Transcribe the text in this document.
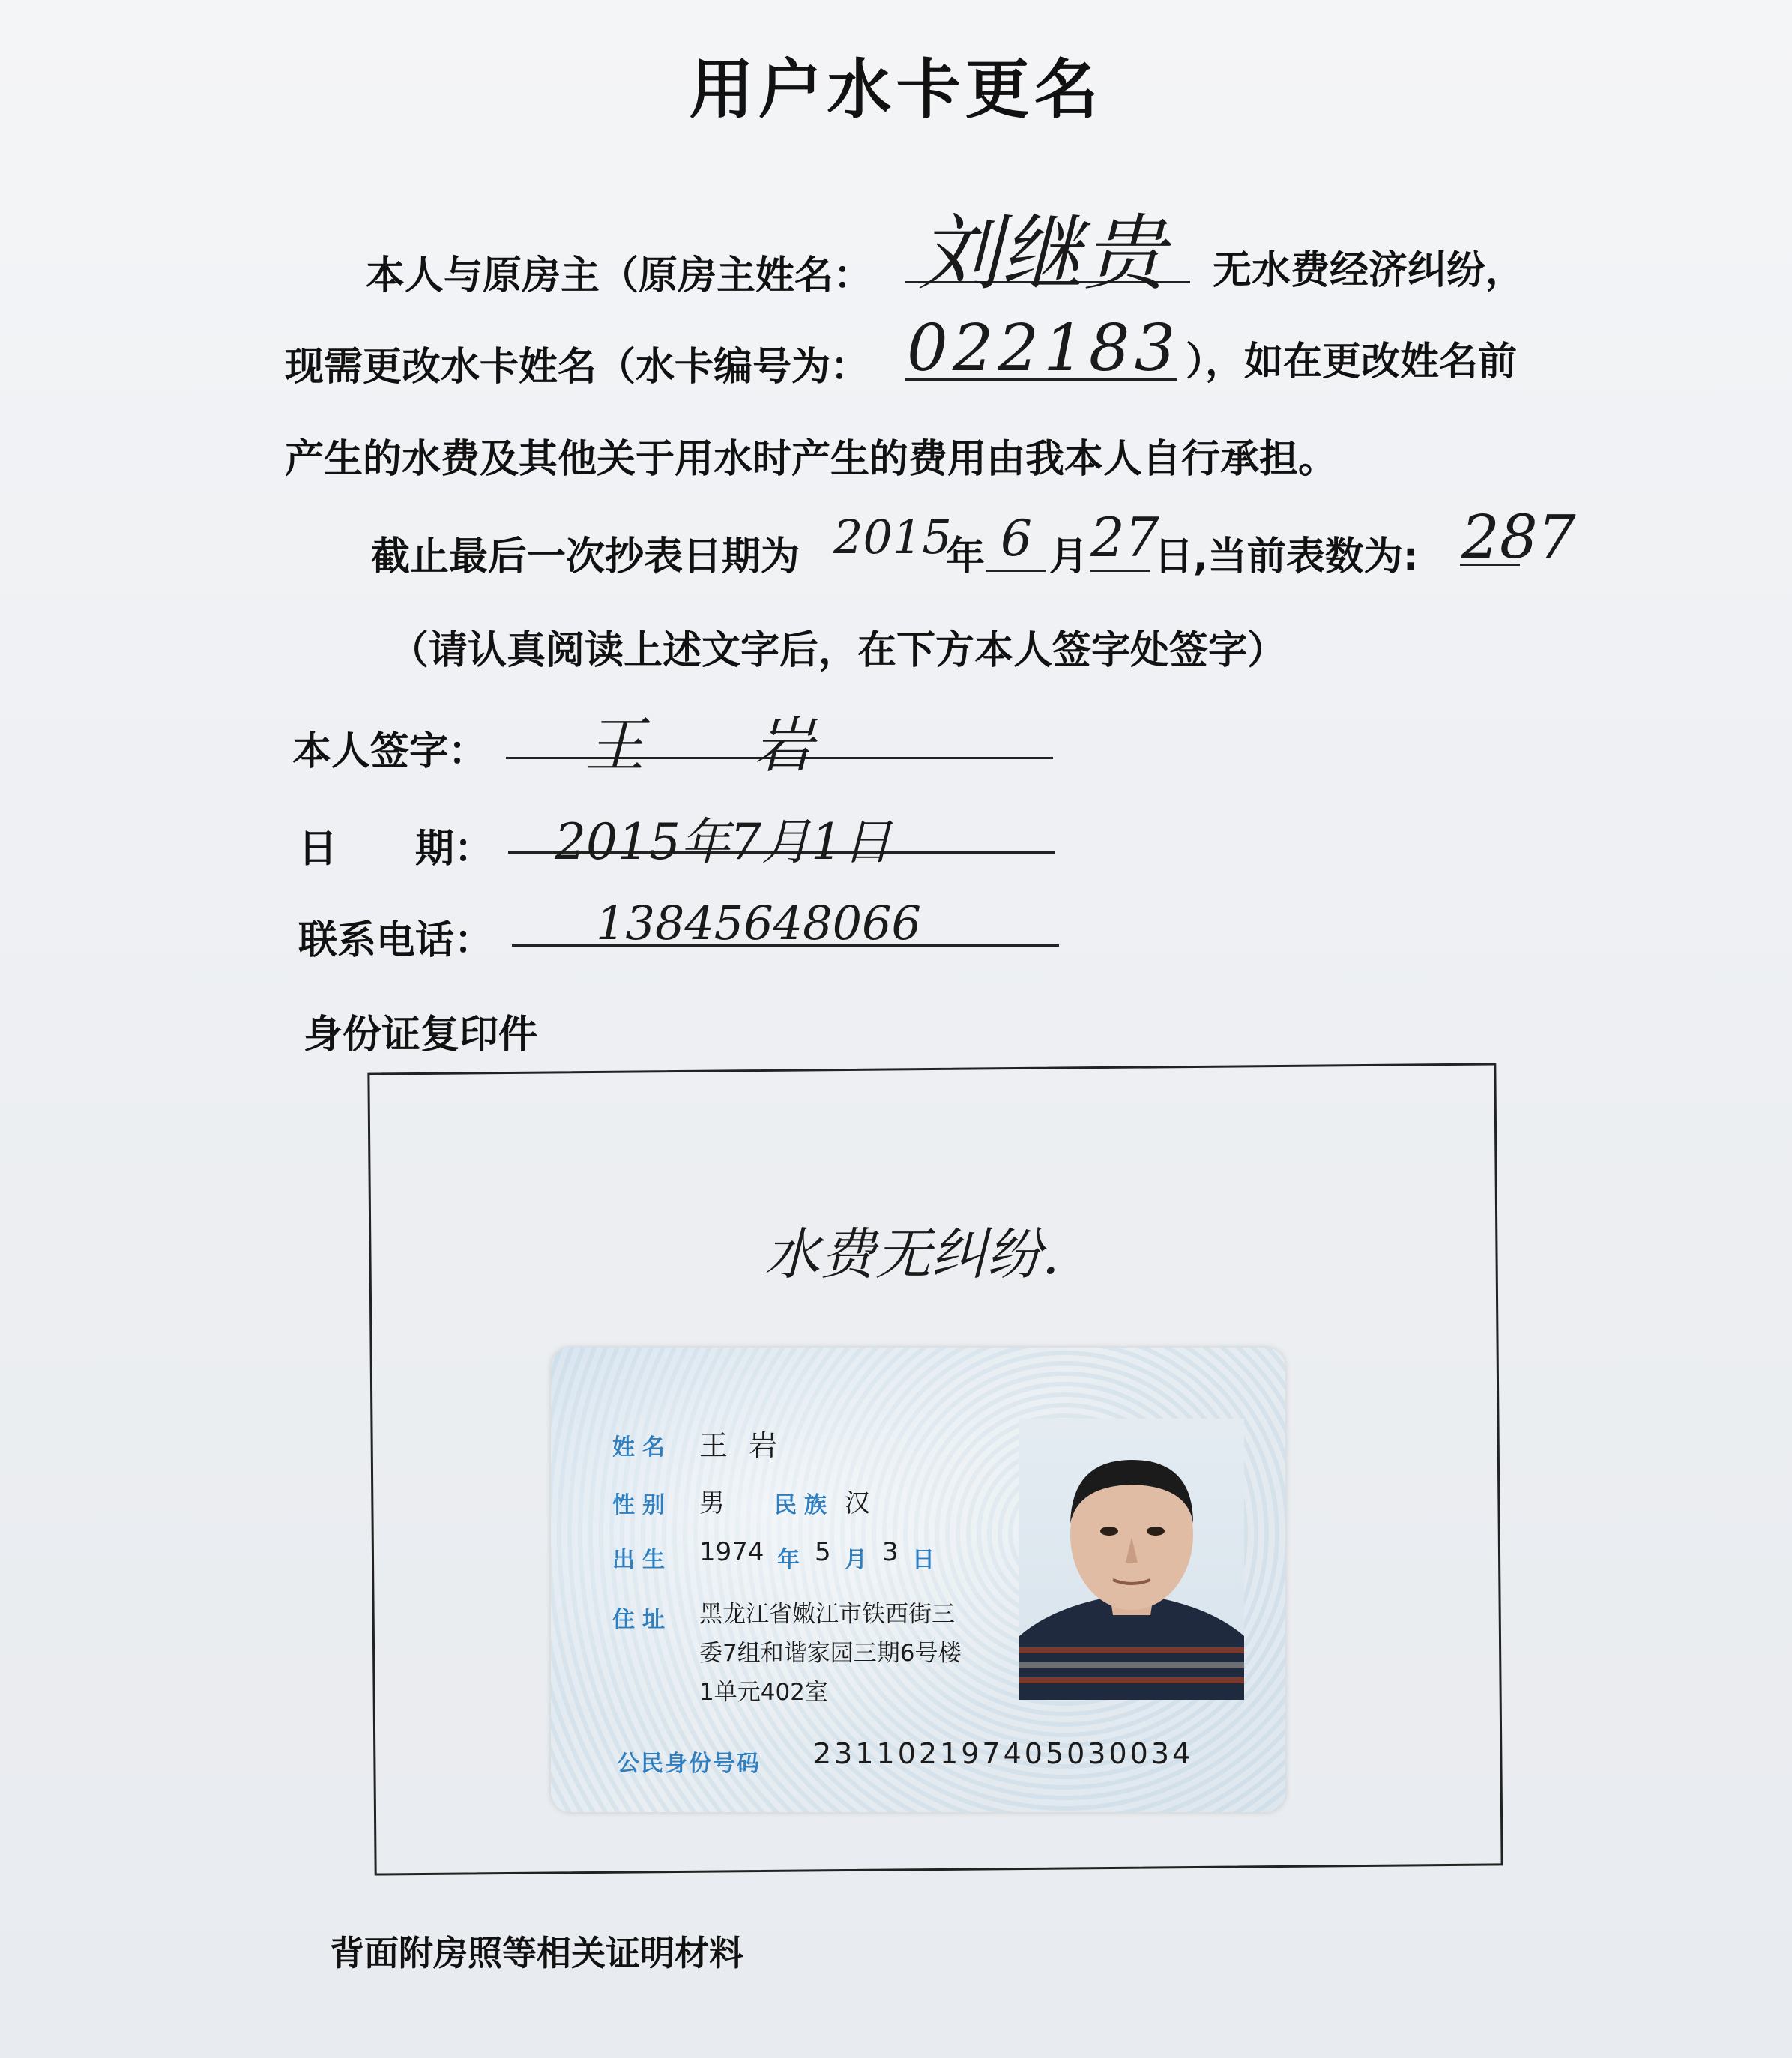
用户水卡更名
本人与原房主（原房主姓名： 刘继贵 无水费经济纠纷，
现需更改水卡姓名（水卡编号为： 022183 ），如在更改姓名前
产生的水费及其他关于用水时产生的费用由我本人自行承担。
截止最后一次抄表日期为 2015
年 6 月 27
日,当前表数为: 287
（请认真阅读上述文字后，在下方本人签字处签字）
本人签字： 王 岩
日　　期： 2015年7月1日
联系电话： 13845648066
身份证复印件
水费无纠纷.
姓名 王 岩
性别 男 民族 汉
出生 1974 年 5 月 3 日
住址 黑龙江省嫩江市铁西街三
委7组和谐家园三期6号楼
1单元402室
公民身份号码 231102197405030034
背面附房照等相关证明材料
